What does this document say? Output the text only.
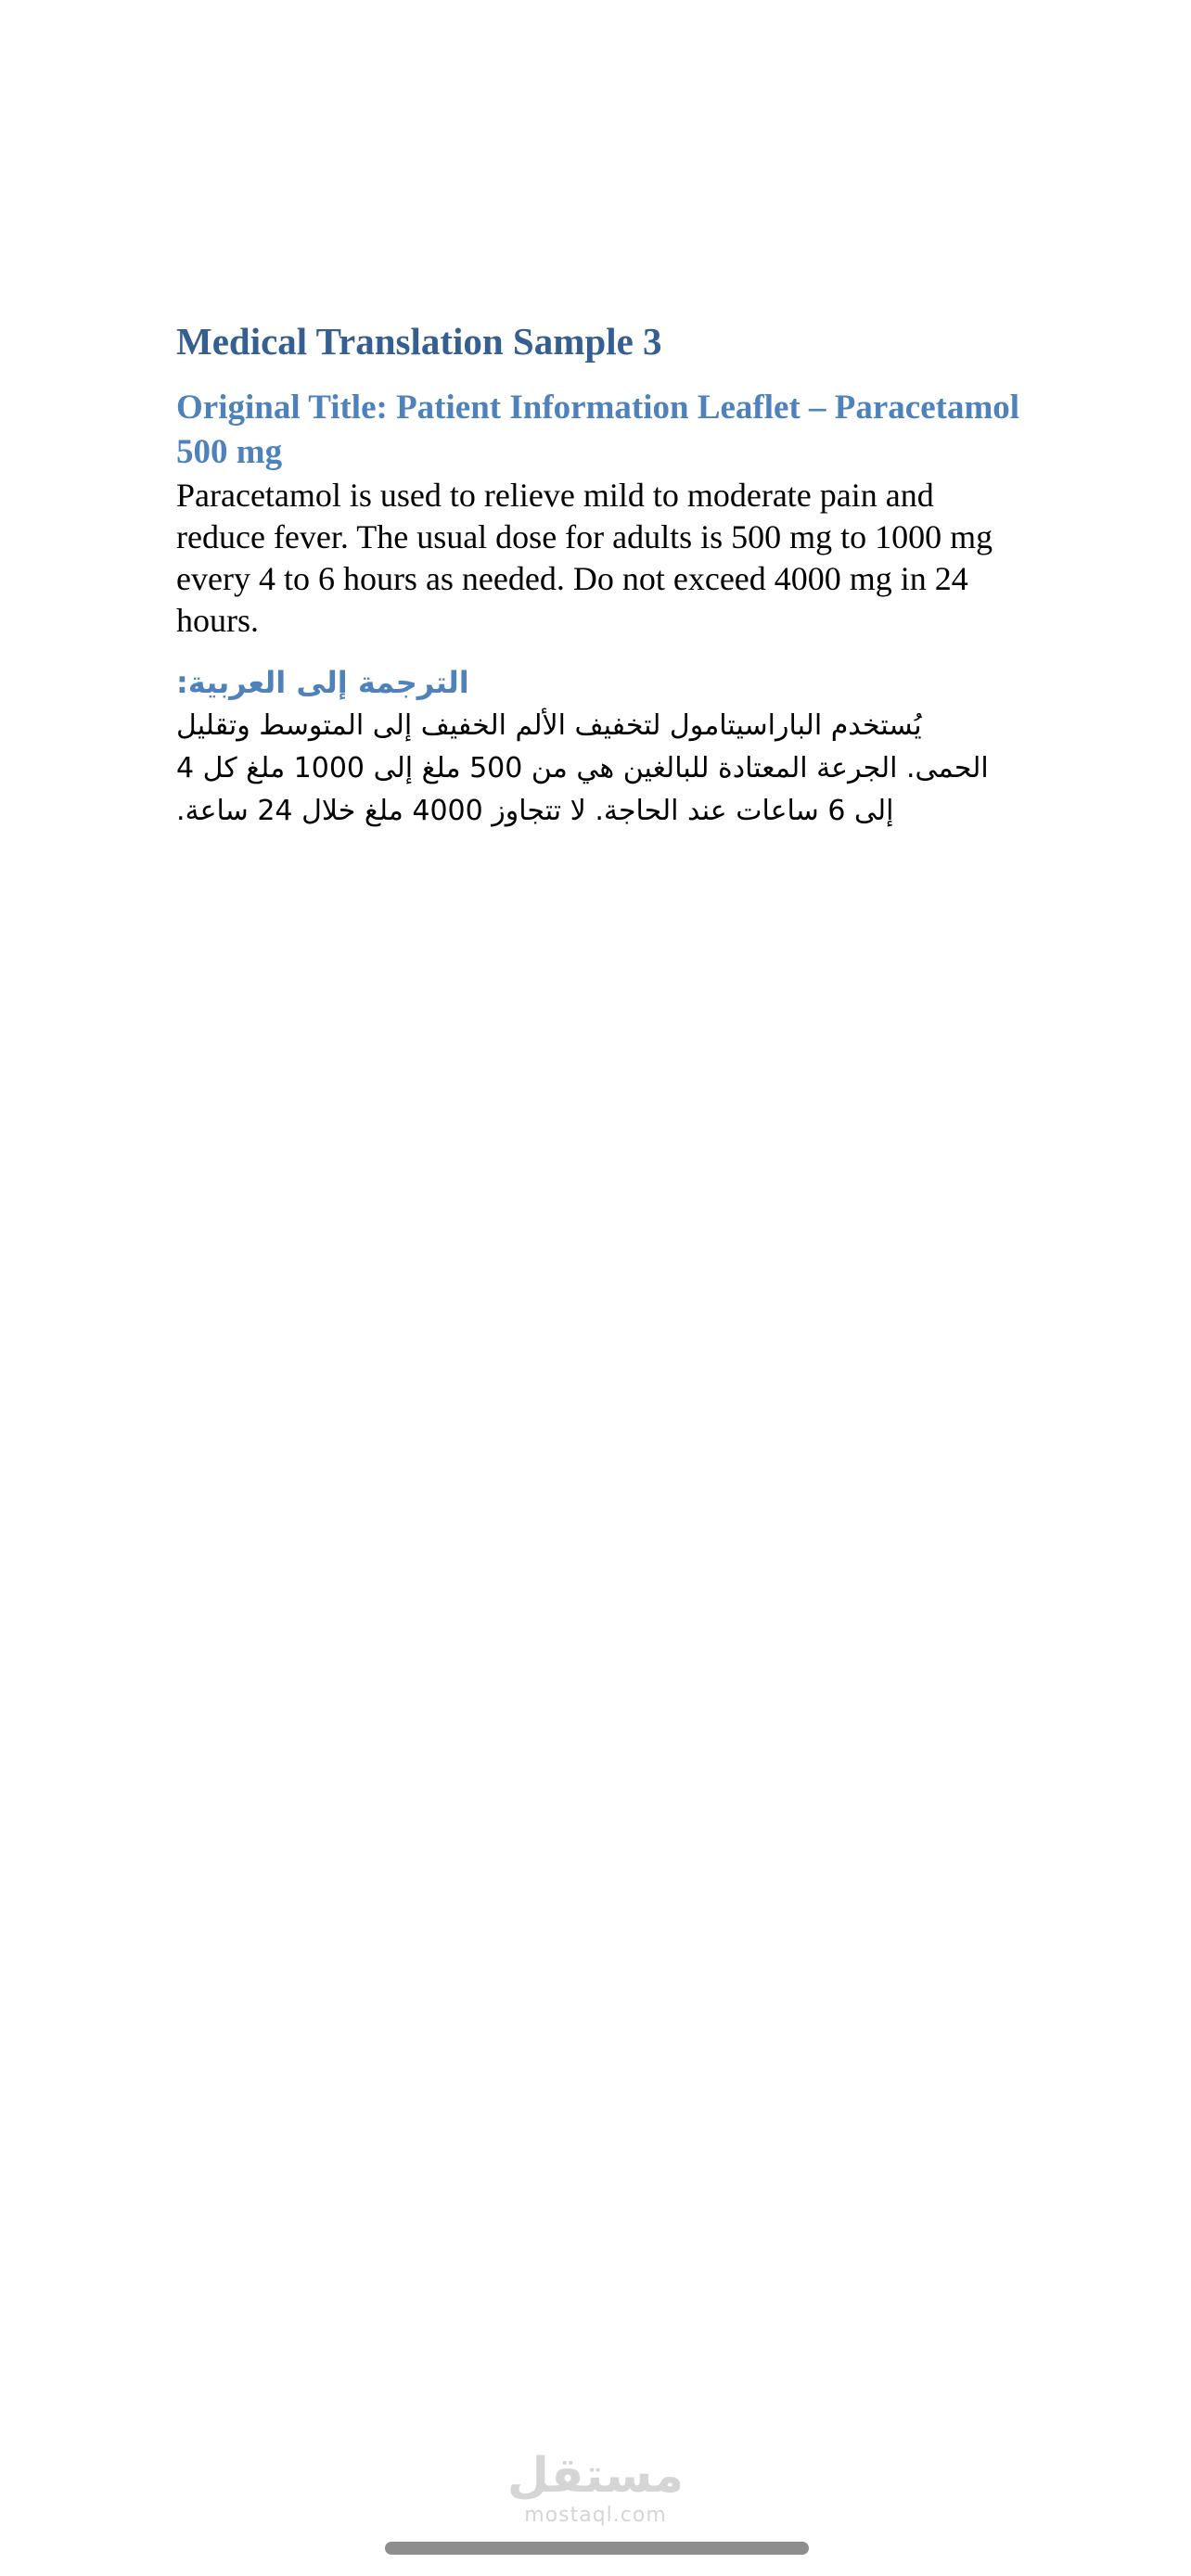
Medical Translation Sample 3
Original Title: Patient Information Leaflet – Paracetamol 500 mg

Paracetamol is used to relieve mild to moderate pain and reduce fever. The usual dose for adults is 500 mg to 1000 mg every 4 to 6 hours as needed. Do not exceed 4000 mg in 24 hours.

الترجمة إلى العربية:

يُستخدم الباراسيتامول لتخفيف الألم الخفيف إلى المتوسط وتقليل الحمى. الجرعة المعتادة للبالغين هي من 500 ملغ إلى 1000 ملغ كل 4 إلى 6 ساعات عند الحاجة. لا تتجاوز 4000 ملغ خلال 24 ساعة.

مستقل
mostaql.com
